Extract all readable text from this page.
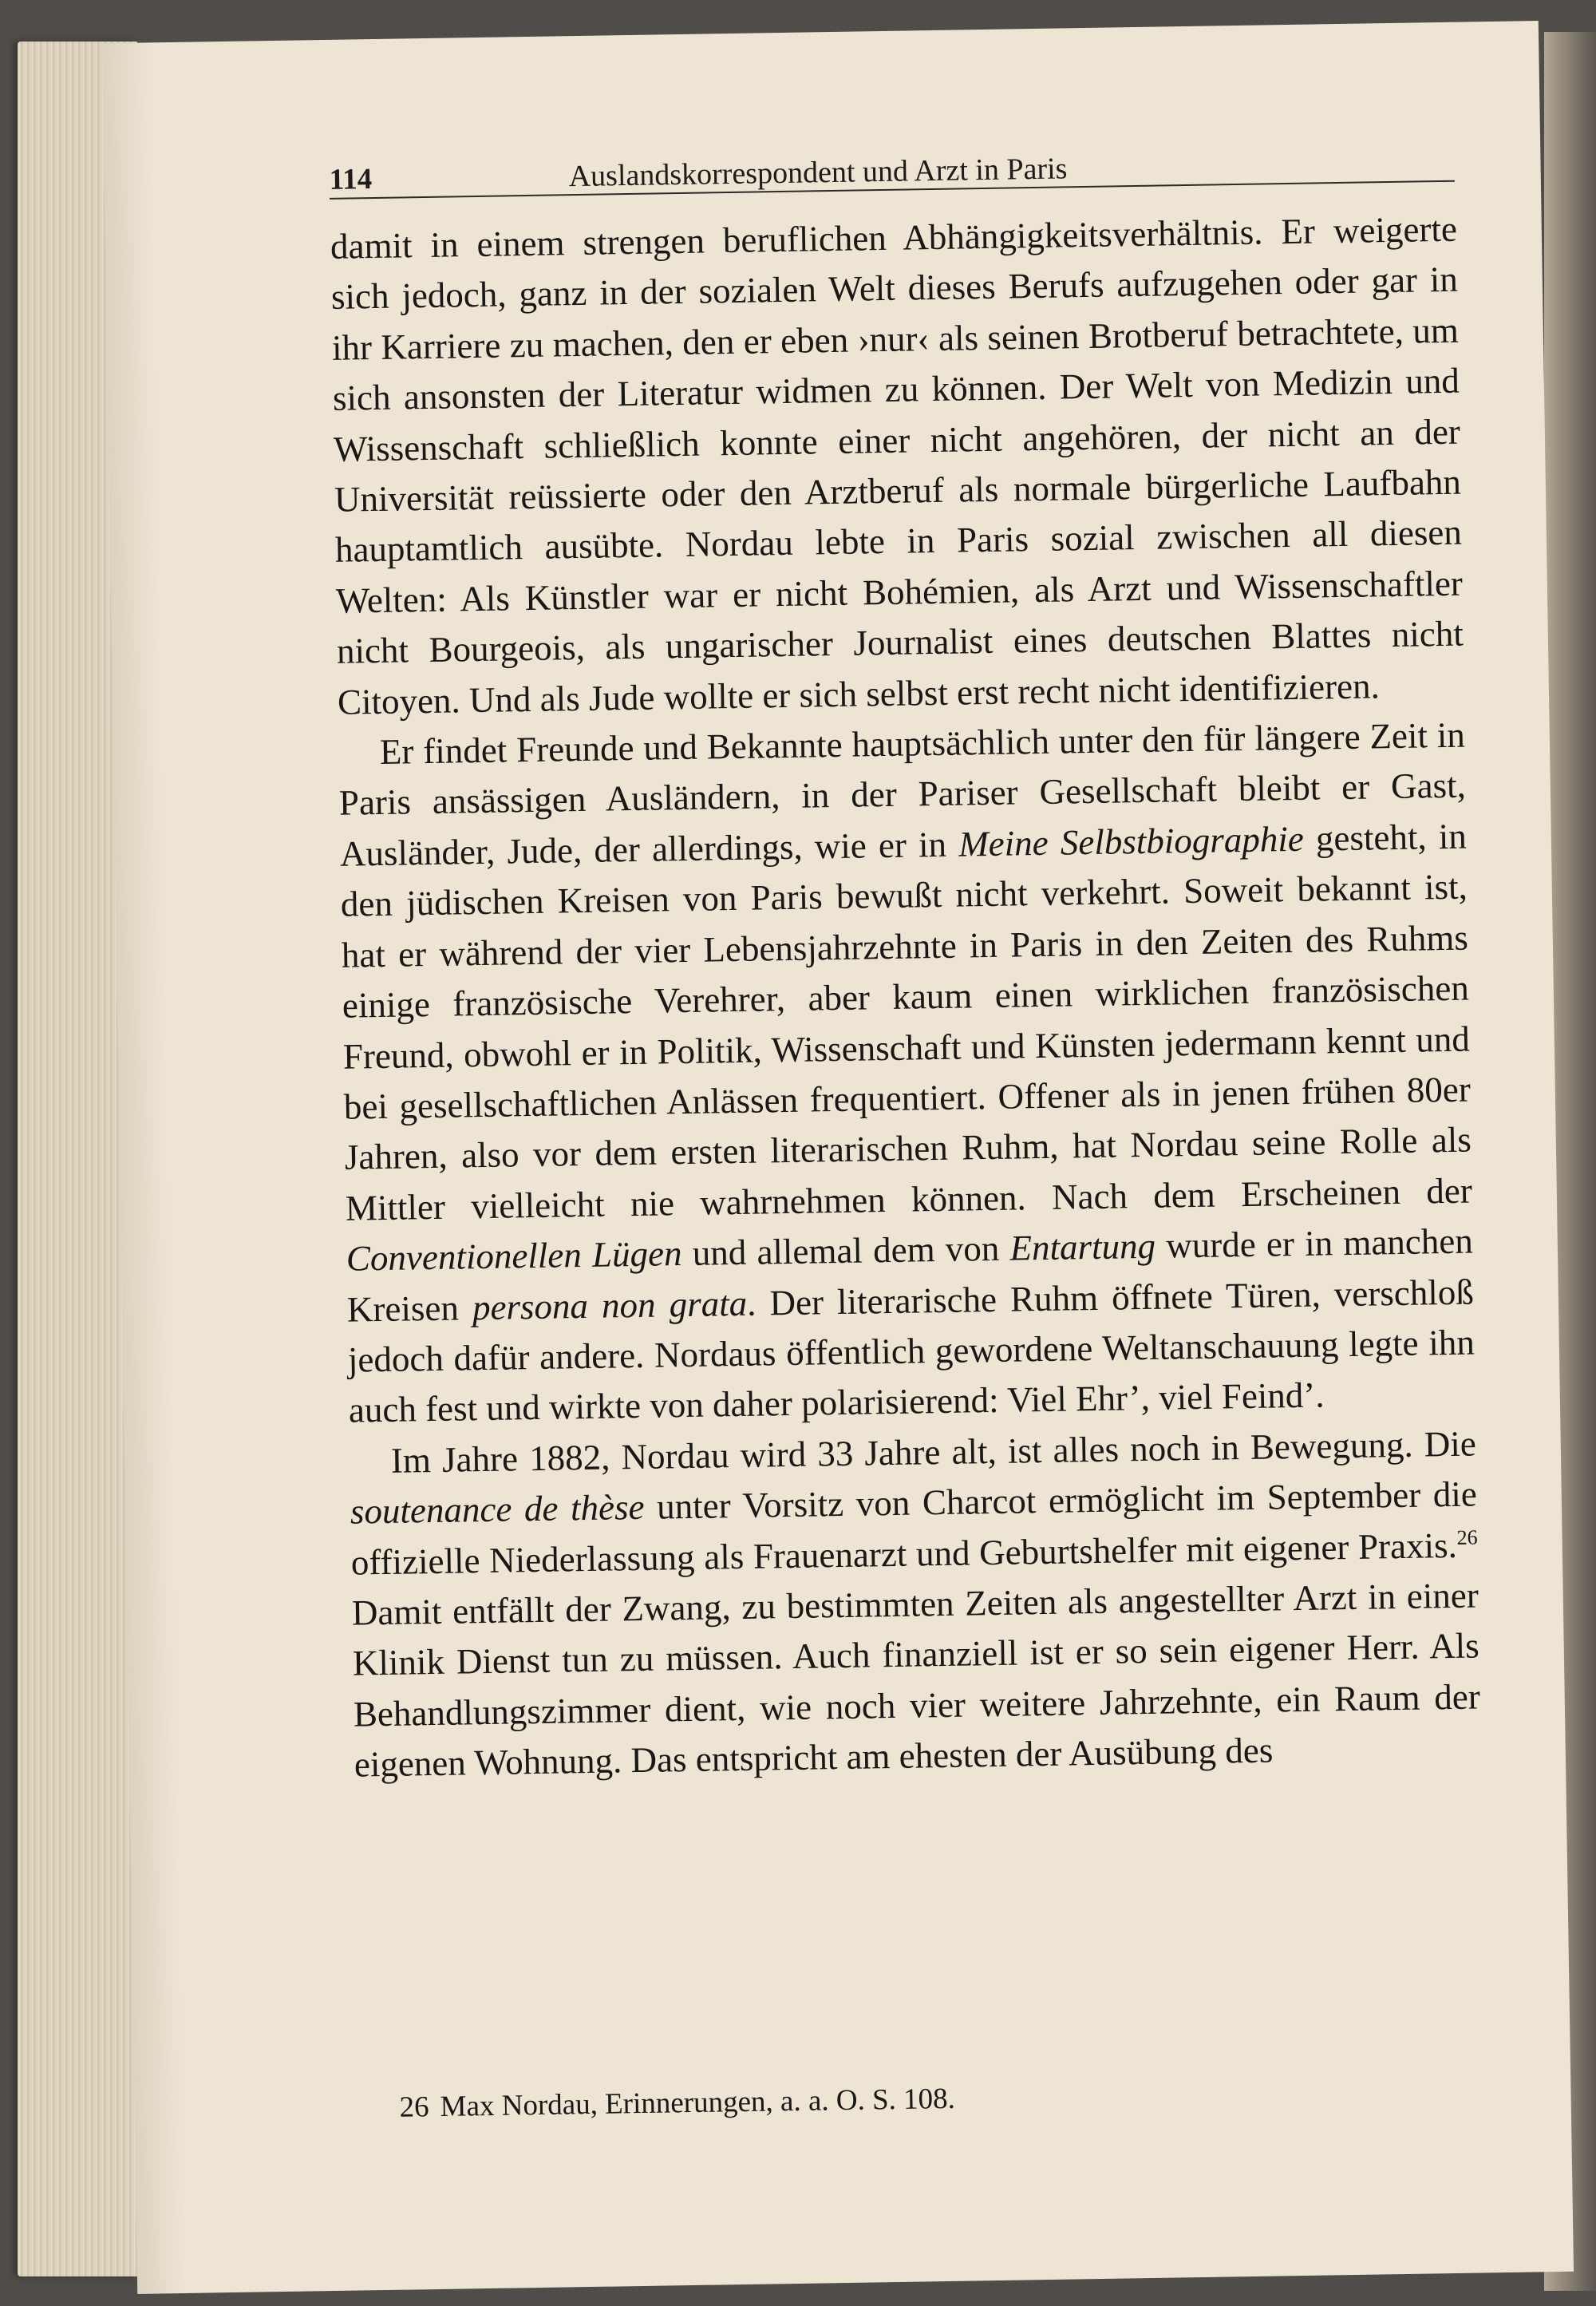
114	Auslandskorrespondent und Arzt in Paris

damit in einem strengen beruflichen Abhängigkeitsverhältnis. Er weigerte sich jedoch, ganz in der sozialen Welt dieses Berufs aufzugehen oder gar in ihr Karriere zu machen, den er eben ›nur‹ als seinen Brotberuf betrachtete, um sich ansonsten der Literatur widmen zu können. Der Welt von Medizin und Wissenschaft schließlich konnte einer nicht angehören, der nicht an der Universität reüssierte oder den Arztberuf als normale bürgerliche Laufbahn hauptamtlich ausübte. Nordau lebte in Paris sozial zwischen all diesen Welten: Als Künstler war er nicht Bohémien, als Arzt und Wissenschaftler nicht Bourgeois, als ungarischer Journalist eines deutschen Blattes nicht Citoyen. Und als Jude wollte er sich selbst erst recht nicht identifizieren.

Er findet Freunde und Bekannte hauptsächlich unter den für längere Zeit in Paris ansässigen Ausländern, in der Pariser Gesellschaft bleibt er Gast, Ausländer, Jude, der allerdings, wie er in Meine Selbstbiographie gesteht, in den jüdischen Kreisen von Paris bewußt nicht verkehrt. Soweit bekannt ist, hat er während der vier Lebensjahrzehnte in Paris in den Zeiten des Ruhms einige französische Verehrer, aber kaum einen wirklichen französischen Freund, obwohl er in Politik, Wissenschaft und Künsten jedermann kennt und bei gesellschaftlichen Anlässen frequentiert. Offener als in jenen frühen 80er Jahren, also vor dem ersten literarischen Ruhm, hat Nordau seine Rolle als Mittler vielleicht nie wahrnehmen können. Nach dem Erscheinen der Conventionellen Lügen und allemal dem von Entartung wurde er in manchen Kreisen persona non grata. Der literarische Ruhm öffnete Türen, verschloß jedoch dafür andere. Nordaus öffentlich gewordene Weltanschauung legte ihn auch fest und wirkte von daher polarisierend: Viel Ehr’, viel Feind’.

Im Jahre 1882, Nordau wird 33 Jahre alt, ist alles noch in Bewegung. Die soutenance de thèse unter Vorsitz von Charcot ermöglicht im September die offizielle Niederlassung als Frauenarzt und Geburtshelfer mit eigener Praxis.$^{26}$ Damit entfällt der Zwang, zu bestimmten Zeiten als angestellter Arzt in einer Klinik Dienst tun zu müssen. Auch finanziell ist er so sein eigener Herr. Als Behandlungszimmer dient, wie noch vier weitere Jahrzehnte, ein Raum der eigenen Wohnung. Das entspricht am ehesten der Ausübung des

26 Max Nordau, Erinnerungen, a. a. O. S. 108.
